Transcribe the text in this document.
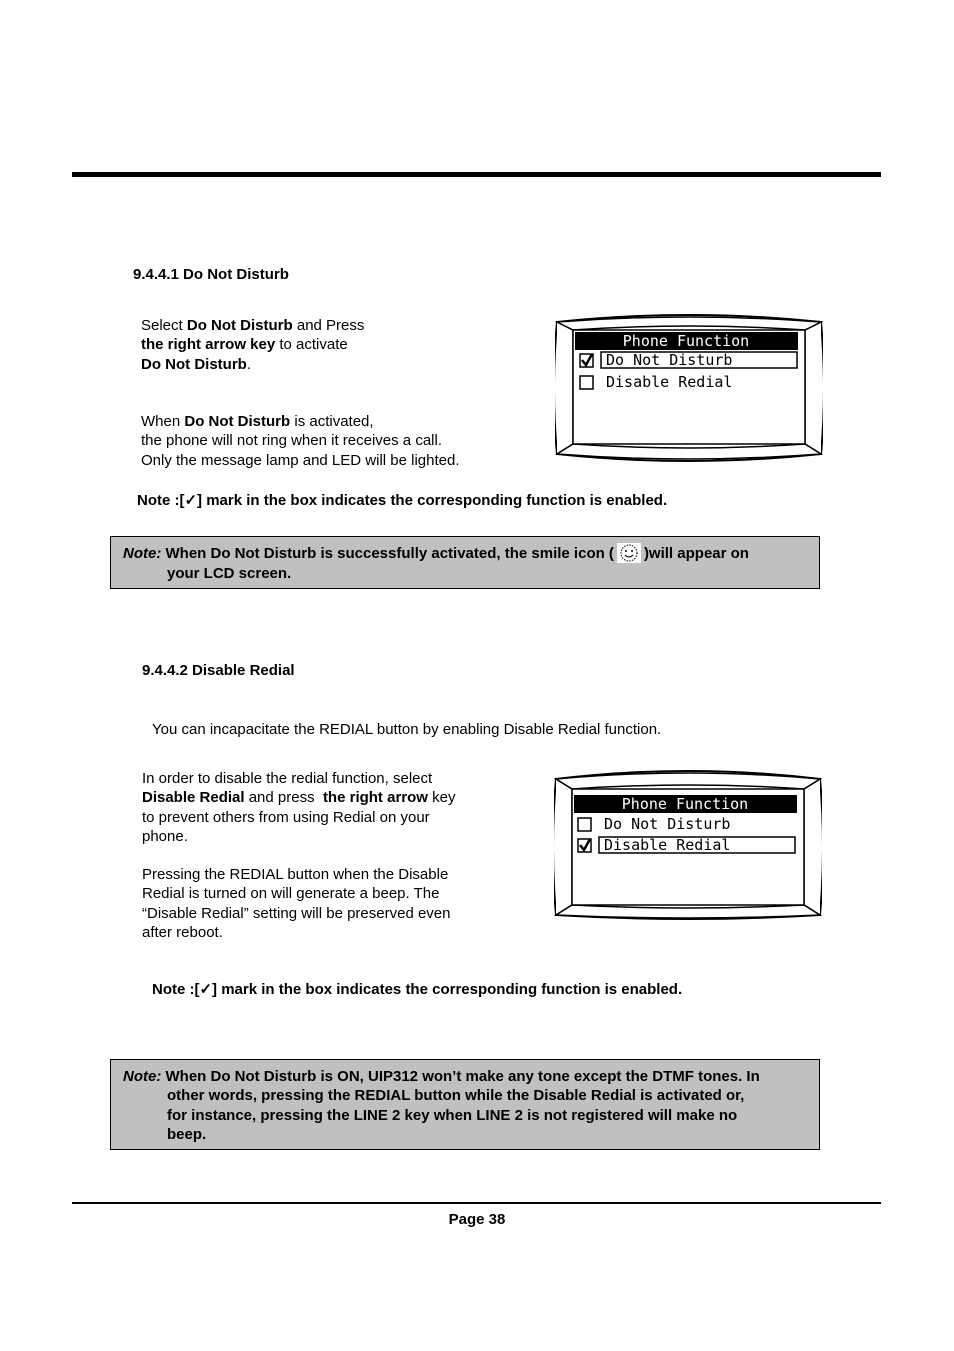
9.4.4.1 Do Not Disturb
Select Do Not Disturb and Press
the right arrow key to activate
Do Not Disturb.
When Do Not Disturb is activated,
the phone will not ring when it receives a call.
Only the message lamp and LED will be lighted.
Phone Function
Do Not Disturb
Disable Redial
Note :[✓] mark in the box indicates the corresponding function is enabled.
Note: When Do Not Disturb is successfully activated, the smile icon ( )will appear on
your LCD screen.
9.4.4.2 Disable Redial
You can incapacitate the REDIAL button by enabling Disable Redial function.
In order to disable the redial function, select
Disable Redial and press  the right arrow key
to prevent others from using Redial on your
phone.
Pressing the REDIAL button when the Disable
Redial is turned on will generate a beep. The
“Disable Redial” setting will be preserved even
after reboot.
Phone Function
Do Not Disturb
Disable Redial
Note :[✓] mark in the box indicates the corresponding function is enabled.
Note: When Do Not Disturb is ON, UIP312 won’t make any tone except the DTMF tones. In
other words, pressing the REDIAL button while the Disable Redial is activated or,
for instance, pressing the LINE 2 key when LINE 2 is not registered will make no
beep.
Page 38
